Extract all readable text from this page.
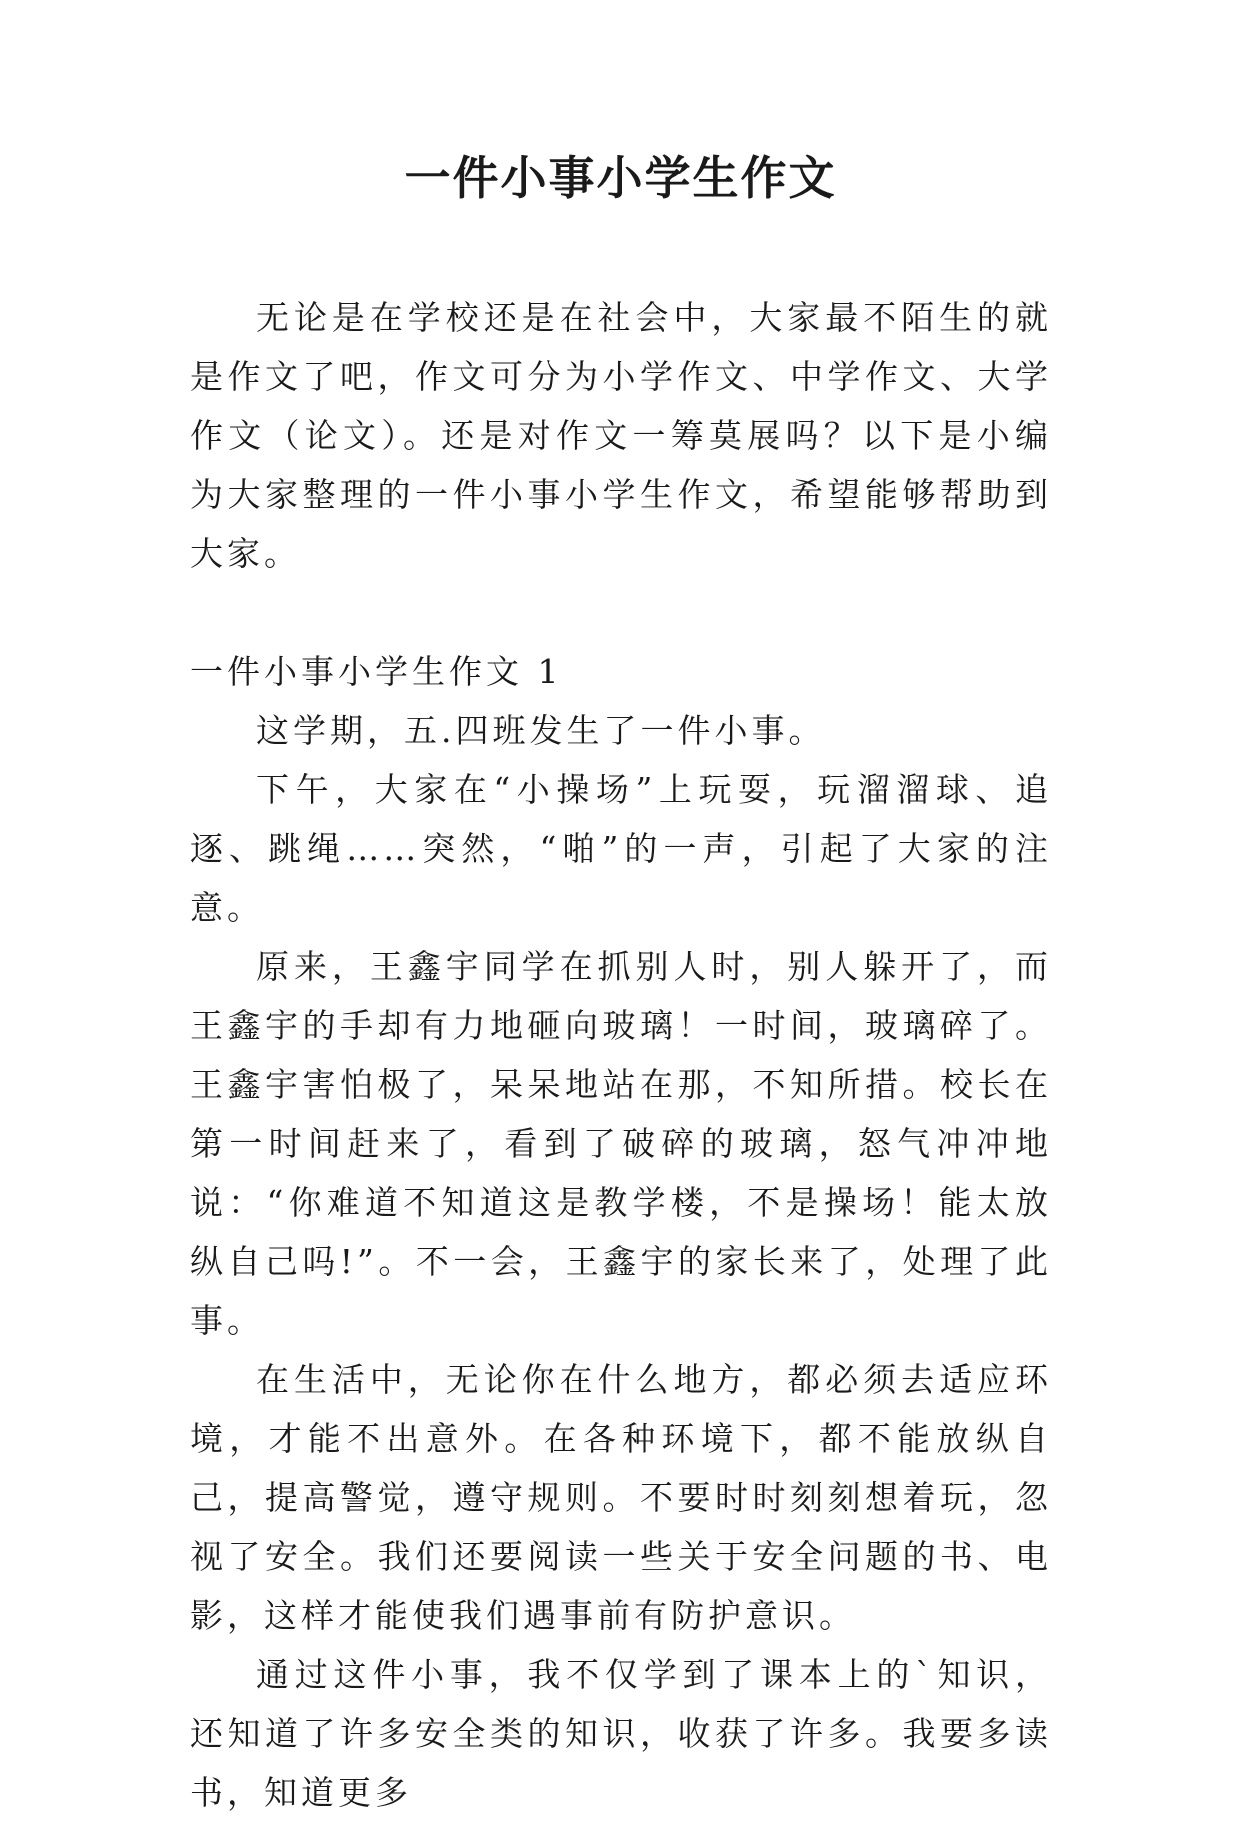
一件小事小学生作文

无论是在学校还是在社会中，大家最不陌生的就是作文了吧，作文可分为小学作文、中学作文、大学作文（论文）。还是对作文一筹莫展吗？以下是小编为大家整理的一件小事小学生作文，希望能够帮助到大家。

一件小事小学生作文 1

这学期，五.四班发生了一件小事。

下午，大家在“小操场”上玩耍，玩溜溜球、追逐、跳绳……突然，“啪”的一声，引起了大家的注意。

原来，王鑫宇同学在抓别人时，别人躲开了，而王鑫宇的手却有力地砸向玻璃！一时间，玻璃碎了。王鑫宇害怕极了，呆呆地站在那，不知所措。校长在第一时间赶来了，看到了破碎的玻璃，怒气冲冲地说：“你难道不知道这是教学楼，不是操场！能太放纵自己吗!”。不一会，王鑫宇的家长来了，处理了此事。

在生活中，无论你在什么地方，都必须去适应环境，才能不出意外。在各种环境下，都不能放纵自己，提高警觉，遵守规则。不要时时刻刻想着玩，忽视了安全。我们还要阅读一些关于安全问题的书、电影，这样才能使我们遇事前有防护意识。

通过这件小事，我不仅学到了课本上的`知识，还知道了许多安全类的知识，收获了许多。我要多读书，知道更多
